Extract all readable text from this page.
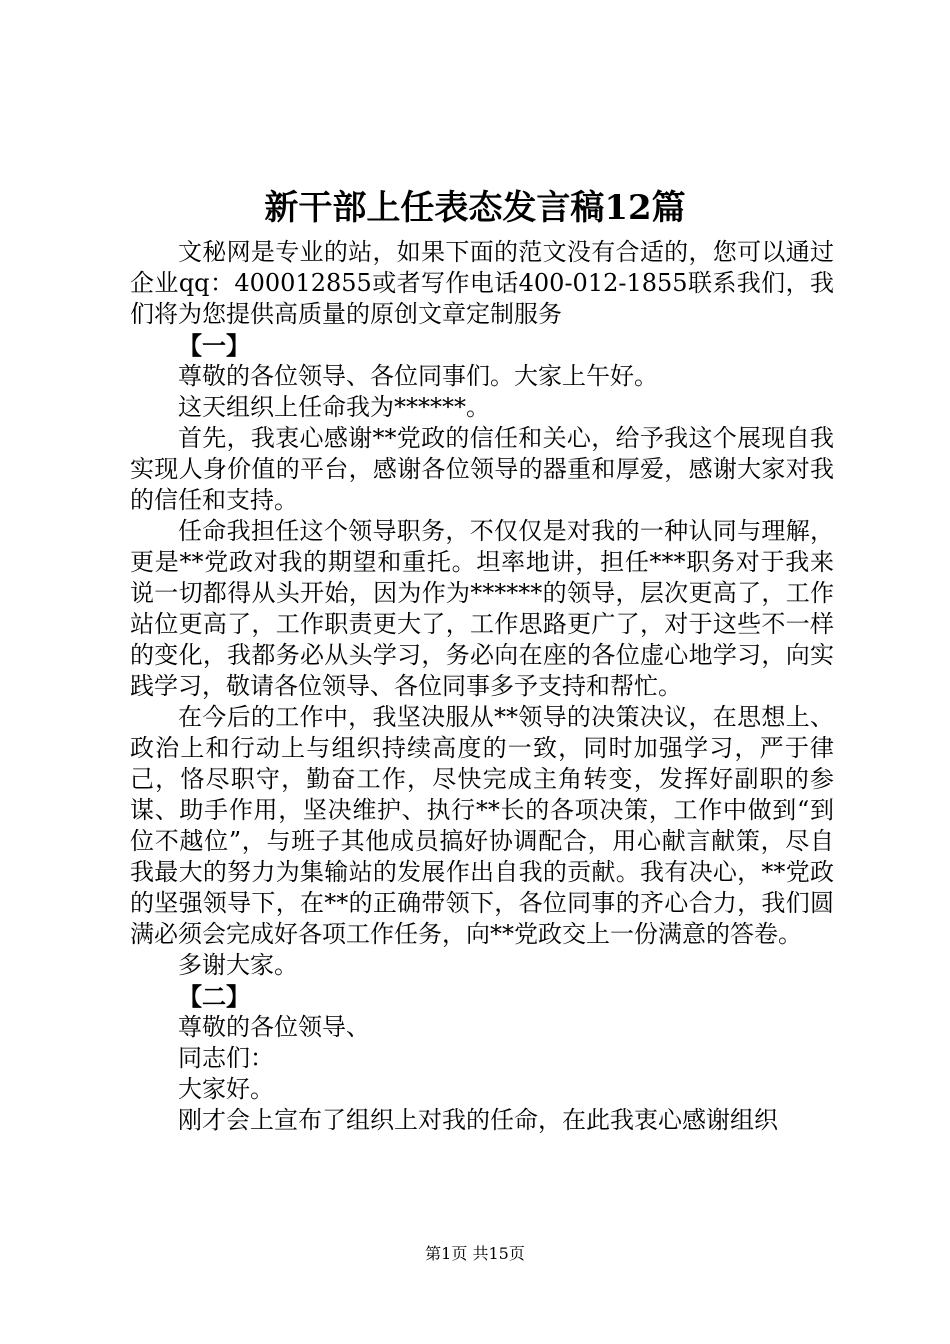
新干部上任表态发言稿12篇

文秘网是专业的站，如果下面的范文没有合适的，您可以通过企业qq：400012855或者写作电话400-012-1855联系我们，我们将为您提供高质量的原创文章定制服务

【一】

尊敬的各位领导、各位同事们。大家上午好。

这天组织上任命我为******。

首先，我衷心感谢**党政的信任和关心，给予我这个展现自我实现人身价值的平台，感谢各位领导的器重和厚爱，感谢大家对我的信任和支持。

任命我担任这个领导职务，不仅仅是对我的一种认同与理解，更是**党政对我的期望和重托。坦率地讲，担任***职务对于我来说一切都得从头开始，因为作为******的领导，层次更高了，工作站位更高了，工作职责更大了，工作思路更广了，对于这些不一样的变化，我都务必从头学习，务必向在座的各位虚心地学习，向实践学习，敬请各位领导、各位同事多予支持和帮忙。

在今后的工作中，我坚决服从**领导的决策决议，在思想上、政治上和行动上与组织持续高度的一致，同时加强学习，严于律己，恪尽职守，勤奋工作，尽快完成主角转变，发挥好副职的参谋、助手作用，坚决维护、执行**长的各项决策，工作中做到“到位不越位”，与班子其他成员搞好协调配合，用心献言献策，尽自我最大的努力为集输站的发展作出自我的贡献。我有决心，**党政的坚强领导下，在**的正确带领下，各位同事的齐心合力，我们圆满必须会完成好各项工作任务，向**党政交上一份满意的答卷。

多谢大家。

【二】

尊敬的各位领导、

同志们：

大家好。

刚才会上宣布了组织上对我的任命，在此我衷心感谢组织

第1页 共15页
